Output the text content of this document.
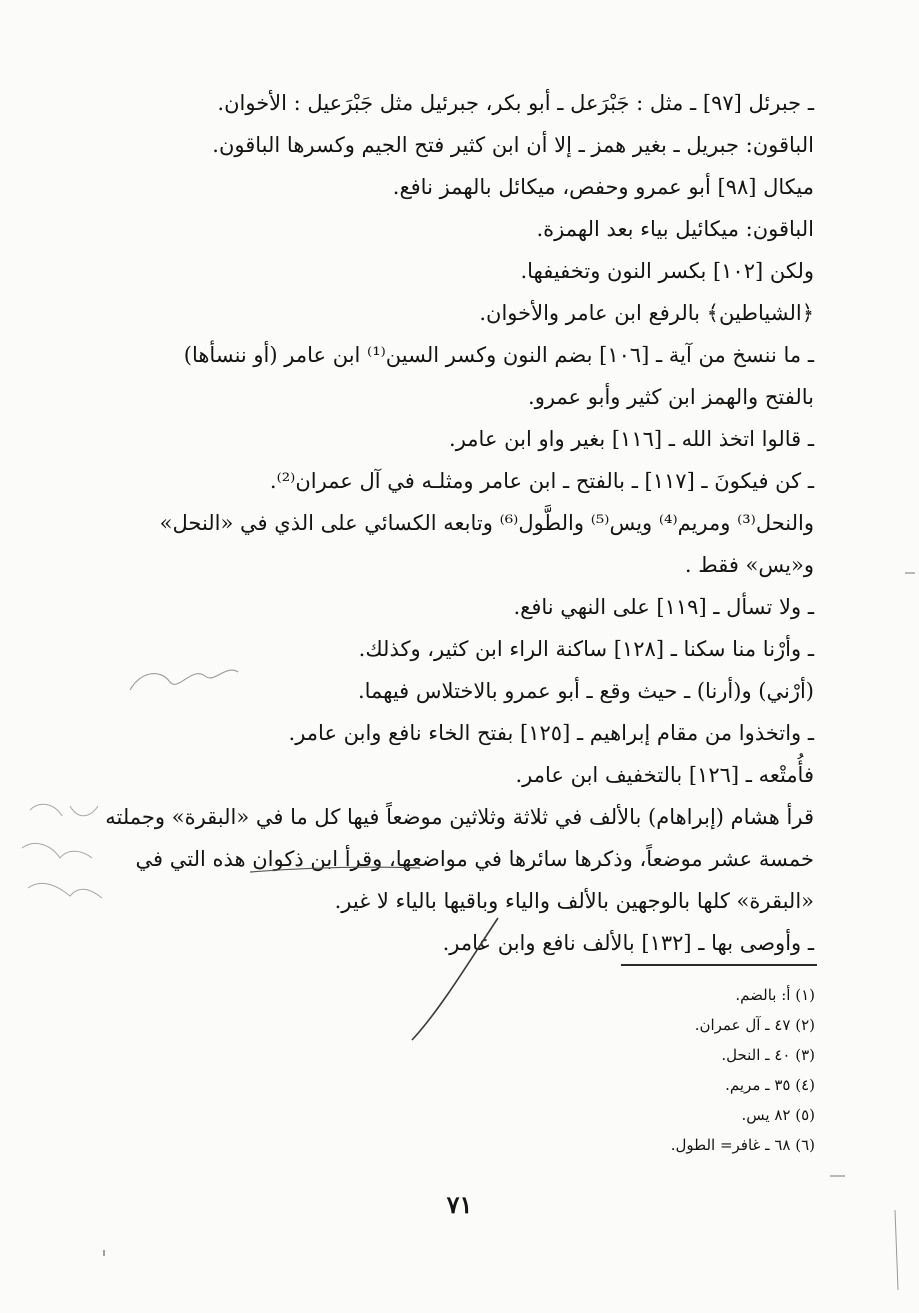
ـ جبرئل [٩٧] ـ مثل : جَبْرَعل ـ أبو بكر، جبرئيل مثل جَبْرَعيل : الأخوان.

الباقون: جبريل ـ بغير همز ـ إلا أن ابن كثير فتح الجيم وكسرها الباقون.

ميكال [٩٨] أبو عمرو وحفص، ميكائل بالهمز نافع.

الباقون: ميكائيل بياء بعد الهمزة.

ولكن [١٠٢] بكسر النون وتخفيفها.

﴿الشياطين﴾ بالرفع ابن عامر والأخوان.

ـ ما ننسخ من آية ـ [١٠٦] بضم النون وكسر السين⁽¹⁾ ابن عامر (أو ننسأها)

بالفتح والهمز ابن كثير وأبو عمرو.

ـ قالوا اتخذ الله ـ [١١٦] بغير واو ابن عامر.

ـ كن فيكونَ ـ [١١٧] ـ بالفتح ـ ابن عامر ومثلـه في آل عمران⁽²⁾.

والنحل⁽³⁾ ومريم⁽⁴⁾ ويس⁽⁵⁾ والطَّول⁽⁶⁾ وتابعه الكسائي على الذي في «النحل»

و«يس» فقط .

ـ ولا تسأل ـ [١١٩] على النهي نافع.

ـ وأرْنا منا سكنا ـ [١٢٨] ساكنة الراء ابن كثير، وكذلك.

(أرْني) و(أرنا) ـ حيث وقع ـ أبو عمرو بالاختلاس فيهما.

ـ واتخذوا من مقام إبراهيم ـ [١٢٥] بفتح الخاء نافع وابن عامر.

فأُمتْعه ـ [١٢٦] بالتخفيف ابن عامر.

قرأ هشام (إبراهام) بالألف في ثلاثة وثلاثين موضعاً فيها كل ما في «البقرة» وجملته

خمسة عشر موضعاً، وذكرها سائرها في مواضعها، وقرأ ابن ذكوان هذه التي في

«البقرة» كلها بالوجهين بالألف والياء وباقيها بالياء لا غير.

ـ وأوصى بها ـ [١٣٢] بالألف نافع وابن عامر.

(١) أ: بالضم.

(٢) ٤٧ ـ آل عمران.

(٣) ٤٠ ـ النحل.

(٤) ٣٥ ـ مريم.

(٥) ٨٢ يس.

(٦) ٦٨ ـ غافر= الطول.

٧١
